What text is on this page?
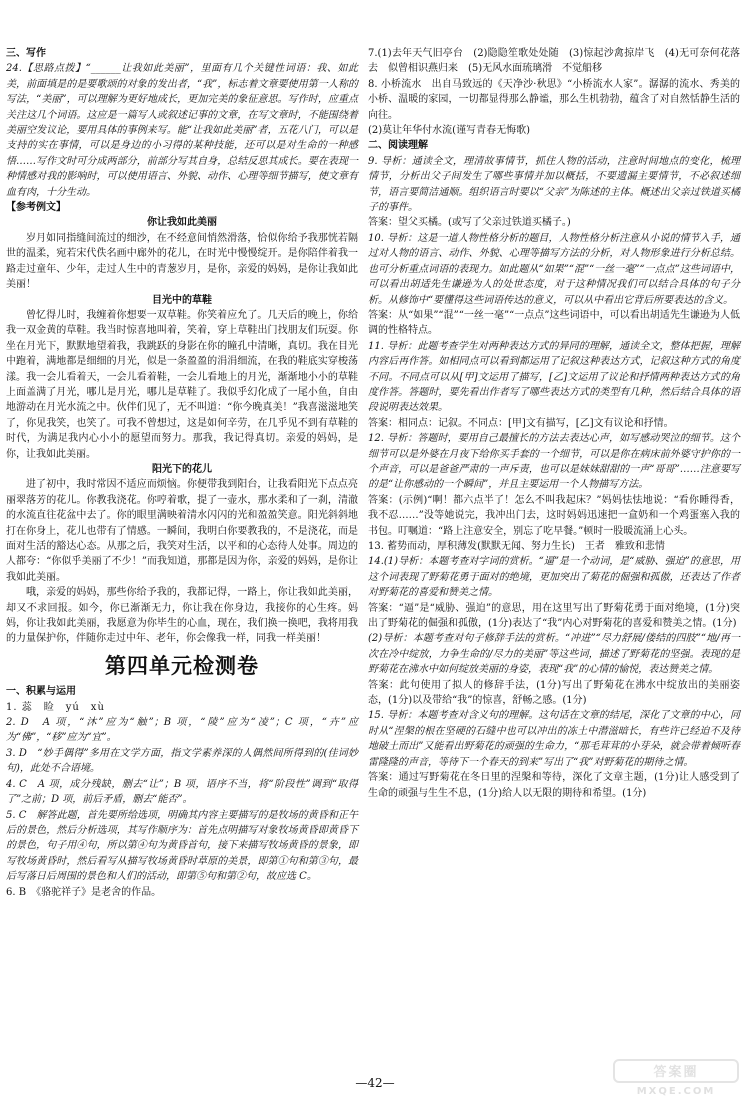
三、写作

24.【思路点拨】“______让我如此美丽”，里面有几个关键性词语：我、如此美，前面填是的是要歌颂的对象的发出者，“我”，标志着文章要使用第一人称的写法，“美丽”，可以理解为更好地成长，更加完美的象征意思。写作时，应重点关注这几个词语。这应是一篇写人或叙述记事的文章，在写文章时，不能围绕着美丽空发议论，要用具体的事例来写。能“让我如此美丽”者，五花八门，可以是支持的实在事情，可以是身边的小习得的某种技能，还可以是对生命的一种感悟……写作文时可分成两部分，前部分写其自身，总结反思其成长。要在表现一种情感对我的影响时，可以使用语言、外貌、动作、心理等细节描写，使文章有血有肉，十分生动。

【参考例文】

你让我如此美丽

岁月如同指缝间流过的细沙，在不经意间悄然滑落，恰似你给予我那恍若隔世的温柔，宛若宋代佚名画中廊外的花儿，在时光中慢慢绽开。是你陪伴着我一路走过童年、少年，走过人生中的青葱岁月，是你，亲爱的妈妈，是你让我如此美丽！

目光中的草鞋

曾忆得儿时，我缠着你想要一双草鞋。你笑着应允了。几天后的晚上，你给我一双金黄的草鞋。我当时惊喜地叫着，笑着，穿上草鞋出门找朋友们玩耍。你坐在月光下，默默地望着我，我跳跃的身影在你的瞳孔中清晰，真切。我在目光中跑着，满地都是细细的月光，似是一条盈盈的涓涓细流，在我的鞋底实穿梭荡漾。我一会儿看着天，一会儿看着鞋，一会儿看地上的月光，渐渐地小小的草鞋上面盖满了月光，哪儿是月光，哪儿是草鞋了。我似乎幻化成了一尾小鱼，自由地游动在月光水流之中。伙伴们见了，无不叫道：“你今晚真美！”我喜滋滋地笑了，你见我笑，也笑了。可我不曾想过，这是如何辛劳，在几乎见不到有草鞋的时代，为满足我内心小小的愿望而努力。那我，我记得真切。亲爱的妈妈，是你，让我如此美丽。

阳光下的花儿

进了初中，我时常因不适应而烦恼。你便带我到阳台，让我看阳光下点点亮丽翠落芳的花儿。你教我浇花。你哼着歌，提了一壶水，那水柔和了一刹，清澈的水流直往花盆中去了。你的眼里满映着清水闪闪的光和盈盈笑意。阳光斜斜地打在你身上，花儿也带有了情感。一瞬间，我明白你要教我的，不是浇花，而是面对生活的豁达心态。从那之后，我笑对生活，以平和的心态待人处事。周边的人都夸：“你似乎美丽了不少！”而我知道，那都是因为你，亲爱的妈妈，是你让我如此美丽。

哦，亲爱的妈妈，那些你给予我的，我都记得，一路上，你让我如此美丽，却又不求回报。如今，你已渐渐无力，你让我在你身边，我接你的心生疼。妈妈，你让我如此美丽，我愿意为你毕生的心血，现在，我们换一换吧，我将用我的力量保护你，伴随你走过中年、老年，你会像我一样，同我一样美丽！

第四单元检测卷

一、积累与运用

1. 蕊　睑　yú　xù

2. D　A 项，“沐”应为“触”；B 项，“陵”应为“凌”；C 项，“卉”应为“佛”，“移”应为“宜”。

3. D　“妙手偶得”多用在文学方面，指文学素养深的人偶然间所得到的(佳词妙句)，此处不合语境。

4. C　A 项，成分残缺，删去“让”；B 项，语序不当，将“阶段性”调到“取得了”之前；D 项，前后矛盾，删去“能否”。

5. C　解答此题，首先要所给选项，明确其内容主要描写的是牧场的黄昏和正午后的景色，然后分析选项，其写作顺序为：首先点明描写对象牧场黄昏即黄昏下的景色，句子用④句，所以第④句为黄昏首句，接下来描写牧场黄昏的景象，即写牧场黄昏时，然后看写从描写牧场黄昏时草原的美景，即第①句和第③句，最后写落日后周围的景色和人们的活动，即第⑤句和第②句，故应选 C。

6. B　《骆驼祥子》是老舍的作品。

7.(1)去年天气旧亭台　(2)隐隐笙歌处处随　(3)惊起沙禽掠岸飞　(4)无可奈何花落去　似曾相识燕归来　(5)无风水面琉璃滑　不觉船移

8. 小桥流水　出自马致远的《天净沙·秋思》“小桥流水人家”。潺潺的流水、秀美的小桥、温暖的家园，一切都显得那么静谧，那么生机勃勃，蕴含了对自然恬静生活的向往。

(2)莫让年华付水流(谨写青春无悔歌)

二、阅读理解

9. 导析：通读全文，理清故事情节，抓住人物的活动，注意时间地点的变化，梳理情节，分析出父子间发生了哪些事情并加以概括，不要遗漏主要情节，不必叙述细节，语言要简洁通顺。组织语言时要以“父亲”为陈述的主体。概述出父亲过铁道买橘子的事件。

答案：望父买橘。(或写了父亲过铁道买橘子。)

10. 导析：这是一道人物性格分析的题目，人物性格分析注意从小说的情节入手，通过对人物的语言、动作、外貌、心理等描写方法的分析，对人物形象进行分析总结。也可分析重点词语的表现力。如此题从“如果”“混”“一丝一毫”“一点点”这些词语中，可以看出胡适先生谦逊为人的处世态度，对于这种情况我们可以结合具体的句子分析。从修饰中“要懂得这些词语传达的意义，可以从中看出它背后所要表达的含义。

答案：从“如果”“混”“一丝一毫”“一点点”这些词语中，可以看出胡适先生谦逊为人低调的性格特点。

11. 导析：此题考查学生对两种表达方式的异同的理解，通读全文，整体把握，理解内容后再作答。如相同点可以看到都运用了记叙这种表达方式，记叙这种方式的角度不同。不同点可以从[甲]文运用了描写，[乙]文运用了议论和抒情两种表达方式的角度作答。答题时，要先看出作者写了哪些表达方式的类型有几种，然后结合具体的语段说明表达效果。

答案：相同点：记叙。不同点：[甲]文有描写，[乙]文有议论和抒情。

12. 导析：答题时，要用自己最擅长的方法去表达心声，如写感动哭泣的细节。这个细节可以是外婆在月夜下给你买手套的一个细节，可以是你在病床前外婆守护你的一个声音，可以是爸爸严肃的一声斥责，也可以是妹妹甜甜的一声“哥哥”……注意要写的是“让你感动的一个瞬间”，并且主要运用一个人物描写方法。

答案：(示例)“啊！都六点半了！怎么不叫我起床？”妈妈怯怯地说：“看你睡得香，我不忍……”没等她说完，我冲出门去，这时妈妈迅速把一盒奶和一个鸡蛋塞入我的书包。叮嘱道：“路上注意安全，别忘了吃早餐。”顿时一股暖流涌上心头。

13. 蓄势而动，厚积薄发(默默无闻、努力生长)　王者　雅致和悲情

14.(1)导析：本题考查对字词的赏析。“逼”是一个动词，是“威胁、强迫”的意思，用这个词表现了野菊花勇于面对的绝境，更加突出了菊花的倔强和孤傲，还表达了作者对野菊花的喜爱和赞美之情。

答案：“逼”是“威胁、强迫”的意思，用在这里写出了野菊花勇于面对绝境，(1分)突出了野菊花的倔强和孤傲，(1分)表达了“我”内心对野菊花的喜爱和赞美之情。(1分)

(2)导析：本题考查对句子修辞手法的赏析。“冲进”“尽力舒展/偻结的四肢”“地/再一次在冷中绽放，力争生命的/尽力的美丽”等这些词，描述了野菊花的坚强。表现的是野菊花在沸水中如何绽放美丽的身姿，表现“我”的心情的愉悦，表达赞美之情。

答案：此句使用了拟人的修辞手法，(1分)写出了野菊花在沸水中绽放出的美丽姿态，(1分)以及带给“我”的惊喜，舒畅之感。(1分)

15. 导析：本题考查对含义句的理解。这句话在文章的结尾，深化了文章的中心，同时从“涅槃的根在坚硬的石缝中也可以冲出的冻土中潜滋暗长，有些许已经迫不及待地破土而出”又能看出野菊花的顽强的生命力，“那毛茸茸的小芽朵，就会带着倾听春雷隆隆的声音，等待下一个春天的到来”写出了“我”对野菊花的期待之情。

答案：通过写野菊花在冬日里的涅槃和等待，深化了文章主题，(1分)让人感受到了生命的顽强与生生不息，(1分)给人以无限的期待和希望。(1分)

—42—
答案圈
MXQE.COM
